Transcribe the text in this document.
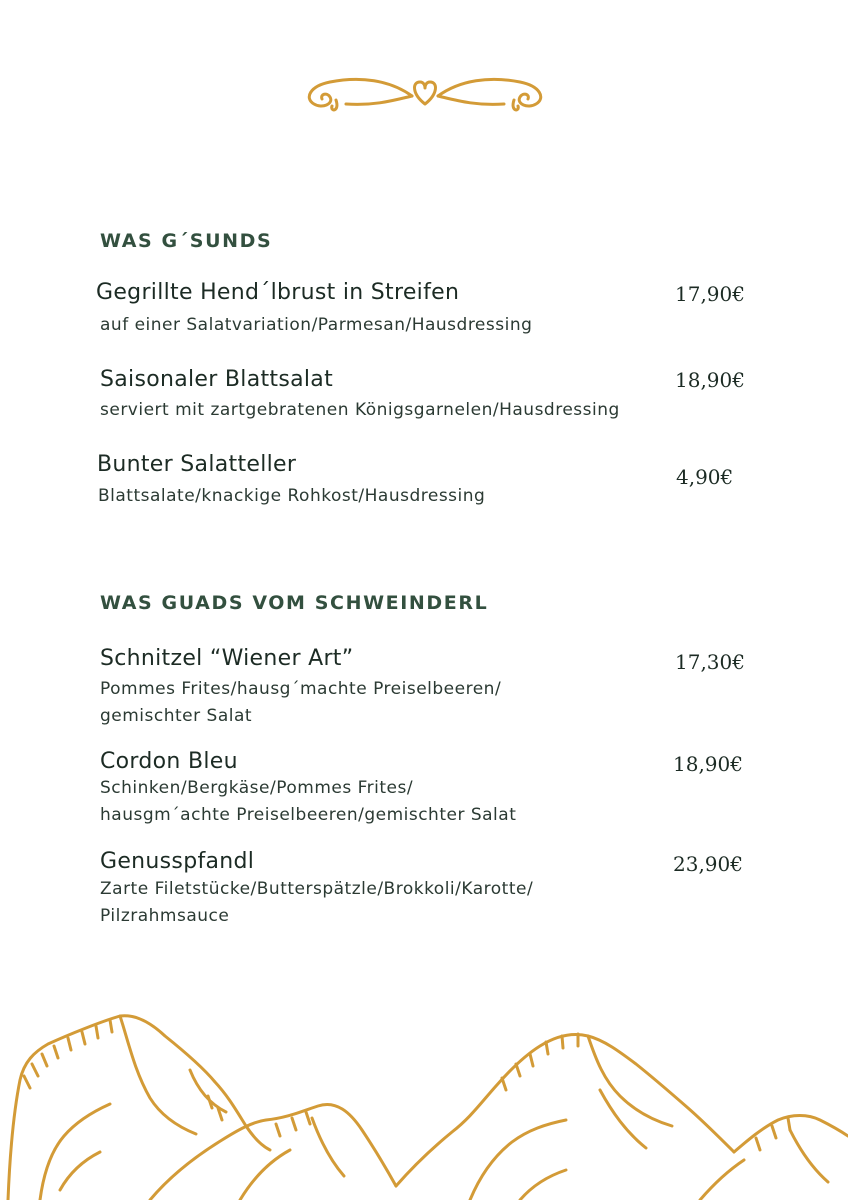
WAS G´SUNDS
Gegrillte Hend´lbrust in Streifen	17,90€
auf einer Salatvariation/Parmesan/Hausdressing
Saisonaler Blattsalat	18,90€
serviert mit zartgebratenen Königsgarnelen/Hausdressing
Bunter Salatteller	4,90€
Blattsalate/knackige Rohkost/Hausdressing
WAS GUADS VOM SCHWEINDERL
Schnitzel “Wiener Art”	17,30€
Pommes Frites/hausg´machte Preiselbeeren/
gemischter Salat
Cordon Bleu	18,90€
Schinken/Bergkäse/Pommes Frites/
hausgm´achte Preiselbeeren/gemischter Salat
Genusspfandl	23,90€
Zarte Filetstücke/Butterspätzle/Brokkoli/Karotte/
Pilzrahmsauce
